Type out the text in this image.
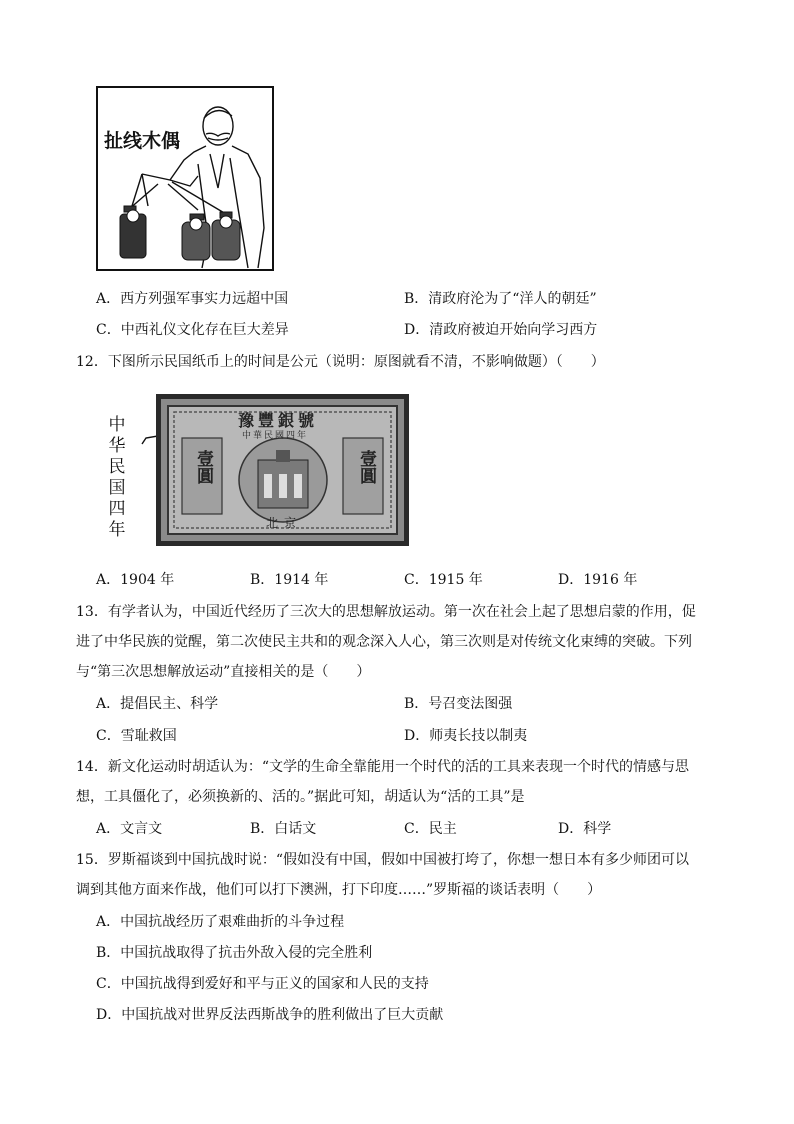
扯线木偶
A．西方列强军事实力远超中国	B．清政府沦为了“洋人的朝廷”
C．中西礼仪文化存在巨大差异	D．清政府被迫开始向学习西方
12．下图所示民国纸币上的时间是公元（说明：原图就看不清，不影响做题）（　　）
中
华
民
国
四
年
豫豐銀號
中華民國四年
壹圓	壹圓
北京
A．1904 年	B．1914 年	C．1915 年	D．1916 年
13．有学者认为，中国近代经历了三次大的思想解放运动。第一次在社会上起了思想启蒙的作用，促
进了中华民族的觉醒，第二次使民主共和的观念深入人心，第三次则是对传统文化束缚的突破。下列
与“第三次思想解放运动”直接相关的是（　　）
A．提倡民主、科学	B．号召变法图强
C．雪耻救国	D．师夷长技以制夷
14．新文化运动时胡适认为：“文学的生命全靠能用一个时代的活的工具来表现一个时代的情感与思
想，工具僵化了，必须换新的、活的。”据此可知，胡适认为“活的工具”是
A．文言文	B．白话文	C．民主	D．科学
15．罗斯福谈到中国抗战时说：“假如没有中国，假如中国被打垮了，你想一想日本有多少师团可以
调到其他方面来作战，他们可以打下澳洲，打下印度……”罗斯福的谈话表明（　　）
A．中国抗战经历了艰难曲折的斗争过程
B．中国抗战取得了抗击外敌入侵的完全胜利
C．中国抗战得到爱好和平与正义的国家和人民的支持
D．中国抗战对世界反法西斯战争的胜利做出了巨大贡献
